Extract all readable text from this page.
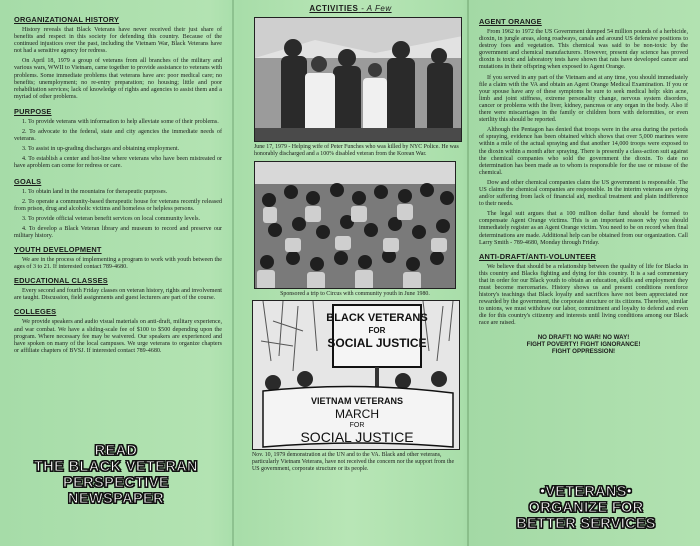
ORGANIZATIONAL HISTORY

History reveals that Black Veterans have never received their just share of benefits and respect in this society for defending this country. Because of the continued injustices over the past, including the Vietnam War, Black Veterans have not had a sensitive agency for redress.

On April 18, 1979 a group of veterans from all branches of the military and various wars, WWII to Vietnam, came together to provide assistance to veterans with problems. Some immediate problems that veterans have are: poor medical care; no benefits; unemployment; no re-entry preparation; no housing; little and poor rehabilitation services; lack of knowledge of rights and agencies to assist them and a myriad of other problems.

PURPOSE

1. To provide veterans with information to help alleviate some of their problems.

2. To advocate to the federal, state and city agencies the immediate needs of veterans.

3. To assist in up-grading discharges and obtaining employment.

4. To establish a center and hot-line where veterans who have been mistreated or have aproblem can come for redress or care.

GOALS

1. To obtain land in the mountains for therapeutic purposes.

2. To operate a community-based therapeutic house for veterans recently released from prison, drug and alcoholic victims and homeless or helpless persons.

3. To provide official veteran benefit services on local community levels.

4. To develop a Black Veteran library and museum to record and preserve our military history.

YOUTH DEVELOPMENT

We are in the process of implementing a program to work with youth between the ages of 3 to 21. If interested contact 789-4680.

EDUCATIONAL CLASSES

Every second and fourth Friday classes on veteran history, rights and involvement are taught. Discussion, field assignments and guest lecturers are part of the course.

COLLEGES

We provide speakers and audio visual materials on anti-draft, military experience, and war combat. We have a sliding-scale fee of $100 to $500 depending upon the program. Where necessary fee may be waivered. Our speakers are experienced and have spoken on many of the local campuses. We urge veterans to organize chapters or affiliate chapters of BVSJ. If interested contact 789-4680.

READ
THE BLACK VETERAN
PERSPECTIVE
NEWSPAPER
ACTIVITIES - A Few

June 17, 1979 - Helping wife of Peter Funches who was killed by NYC Police. He was honorably discharged and a 100% disabled veteran from the Korean War.

Sponsored a trip to Circus with community youth in June 1980.

BLACK VETERANS
FOR
SOCIAL JUSTICE
VIETNAM VETERANS
MARCH
FOR
SOCIAL JUSTICE

Nov. 10, 1979 demonstration at the UN and to the VA. Black and other veterans, particularly Vietnam Veterans, have not received the concern nor the support from the US government, corporate structure or its people.

AGENT ORANGE

From 1962 to 1972 the US Government dumped 54 million pounds of a herbicide, dioxin, in jungle areas, along roadways, canals and around US defensive positions to destroy foes and vegetation. This chemical was said to be non-toxic by the government and chemical manufacturers. However, present day science has proved dioxin is toxic and laboratory tests have shown that rats have developed cancer and mutations in their offspring when exposed to Agent Orange.

If you served in any part of the Vietnam and at any time, you should immediately file a claim with the VA and obtain an Agent Orange Medical Examination. If you or your spouse have any of these symptoms be sure to seek medical help: skin acne, limb and joint stiffness, extreme personality change, nervous system disorders, cancer or problems with the liver, kidney, pancreas or any organ in the body. Also if there were miscarriages in the family or children born with deformities, or even sterility this should be reported.

Although the Pentagon has denied that troops were in the area during the periods of spraying, evidence has been obtained which shows that over 5,000 marines were within a mile of the actual spraying and that another 14,000 troops were exposed to the dioxin within a month after spraying. There is presently a class-action suit against the chemical companies who sold the government the dioxin. To date no determination has been made as to whom is responsible for the use or misuse of the chemical.

Dow and other chemical companies claim the US government is responsible. The US claims the chemical companies are responsible. In the interim veterans are dying and/or suffering from lack of financial aid, medical treatment and plain indifference to their needs.

The legal suit argues that a 100 million dollar fund should be formed to compensate Agent Orange victims. This is an important reason why you should immediately register as an Agent Orange victim. You need to be on record when final determinations are made. Additional help can be obtained from our organization. Call Larry Smith - 789-4680, Monday through Friday.

ANTI-DRAFT/ANTI-VOLUNTEER

We believe that should be a relationship between the quality of life for Blacks in this country and Blacks fighting and dying for this country. It is a sad commentary that in order for our Black youth to obtain an education, skills and employment they must become mercenaries. History shows us and present conditions reenforce history's teachings that Black loyalty and sacrifices have not been appreciated nor rewarded by the government, the corporate structure or its citizens. Therefore, similar to unions, we must withdraw our labor, commitment and loyalty to defend and even die for this country's citizenry and interests until living conditions among our Black race are raised.

NO DRAFT! NO WAR! NO WAY!
FIGHT POVERTY! FIGHT IGNORANCE!
FIGHT OPPRESSION!
•VETERANS•
ORGANIZE FOR
BETTER SERVICES
